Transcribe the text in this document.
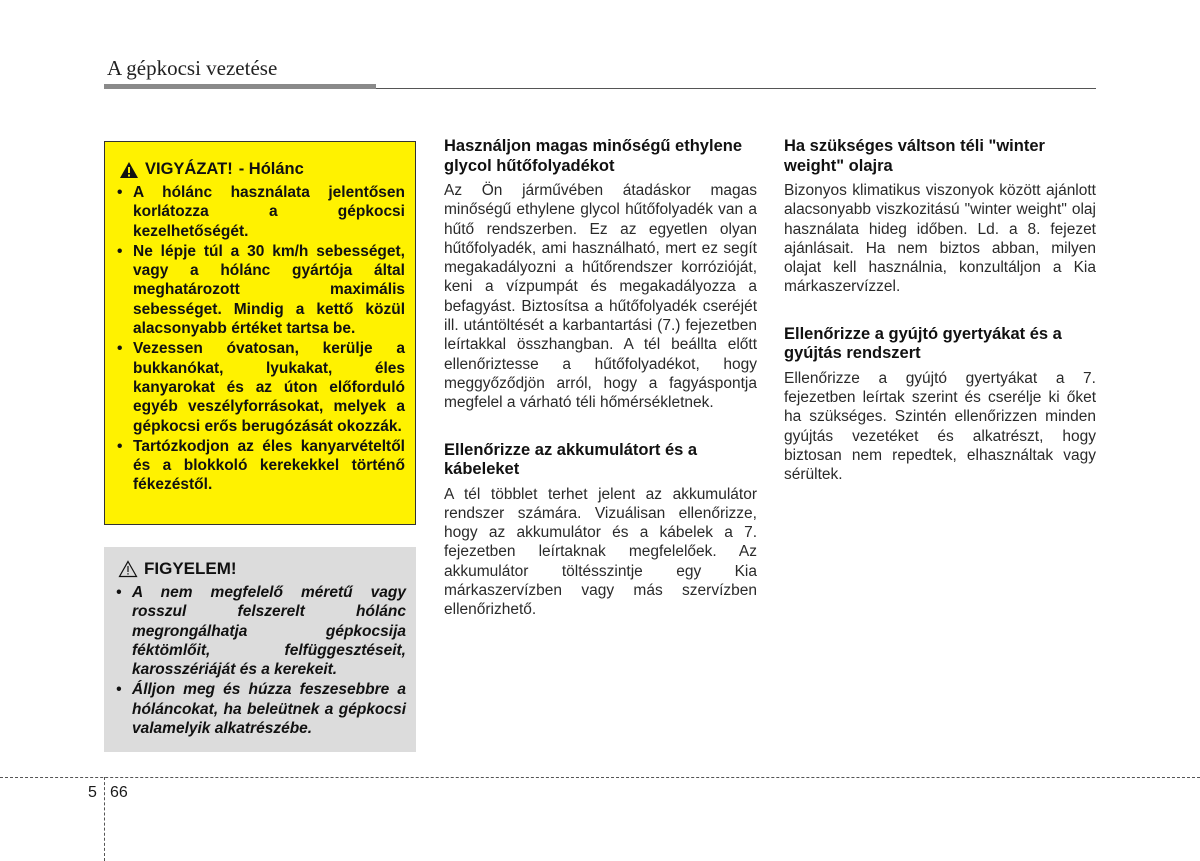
A gépkocsi vezetése
VIGYÁZAT! - Hólánc
• A hólánc használata jelentősen korlátozza a gépkocsi kezelhetőségét.
• Ne lépje túl a 30 km/h sebességet, vagy a hólánc gyártója által meghatározott maximális sebességet. Mindig a kettő közül alacsonyabb értéket tartsa be.
• Vezessen óvatosan, kerülje a bukkanókat, lyukakat, éles kanyarokat és az úton előforduló egyéb veszélyforrásokat, melyek a gépkocsi erős berugózását okozzák.
• Tartózkodjon az éles kanyarvételtől és a blokkoló kerekekkel történő fékezéstől.
FIGYELEM!
• A nem megfelelő méretű vagy rosszul felszerelt hólánc megrongálhatja gépkocsija féktömlőit, felfüggesztéseit, karosszériáját és a kerekeit.
• Álljon meg és húzza feszesebbre a hóláncokat, ha beleütnek a gépkocsi valamelyik alkatrészébe.
Használjon magas minőségű ethylene glycol hűtőfolyadékot

Az Ön járművében átadáskor magas minőségű ethylene glycol hűtőfolyadék van a hűtő rendszerben. Ez az egyetlen olyan hűtőfolyadék, ami használható, mert ez segít megakadályozni a hűtőrendszer korrózióját, keni a vízpumpát és megakadályozza a befagyást. Biztosítsa a hűtőfolyadék cseréjét ill. utántöltését a karbantartási (7.) fejezetben leírtakkal összhangban. A tél beállta előtt ellenőriztesse a hűtőfolyadékot, hogy meggyőződjön arról, hogy a fagyáspontja megfelel a várható téli hőmérsékletnek.

Ellenőrizze az akkumulátort és a kábeleket

A tél többlet terhet jelent az akkumulátor rendszer számára. Vizuálisan ellenőrizze, hogy az akkumulátor és a kábelek a 7. fejezetben leírtaknak megfelelőek. Az akkumulátor töltésszintje egy Kia márkaszervízben vagy más szervízben ellenőrizhető.

Ha szükséges váltson téli "winter weight" olajra

Bizonyos klimatikus viszonyok között ajánlott alacsonyabb viszkozitású "winter weight" olaj használata hideg időben. Ld. a 8. fejezet ajánlásait. Ha nem biztos abban, milyen olajat kell használnia, konzultáljon a Kia márkaszervízzel.

Ellenőrizze a gyújtó gyertyákat és a gyújtás rendszert

Ellenőrizze a gyújtó gyertyákat a 7. fejezetben leírtak szerint és cserélje ki őket ha szükséges. Szintén ellenőrizzen minden gyújtás vezetéket és alkatrészt, hogy biztosan nem repedtek, elhasználtak vagy sérültek.

5 66
